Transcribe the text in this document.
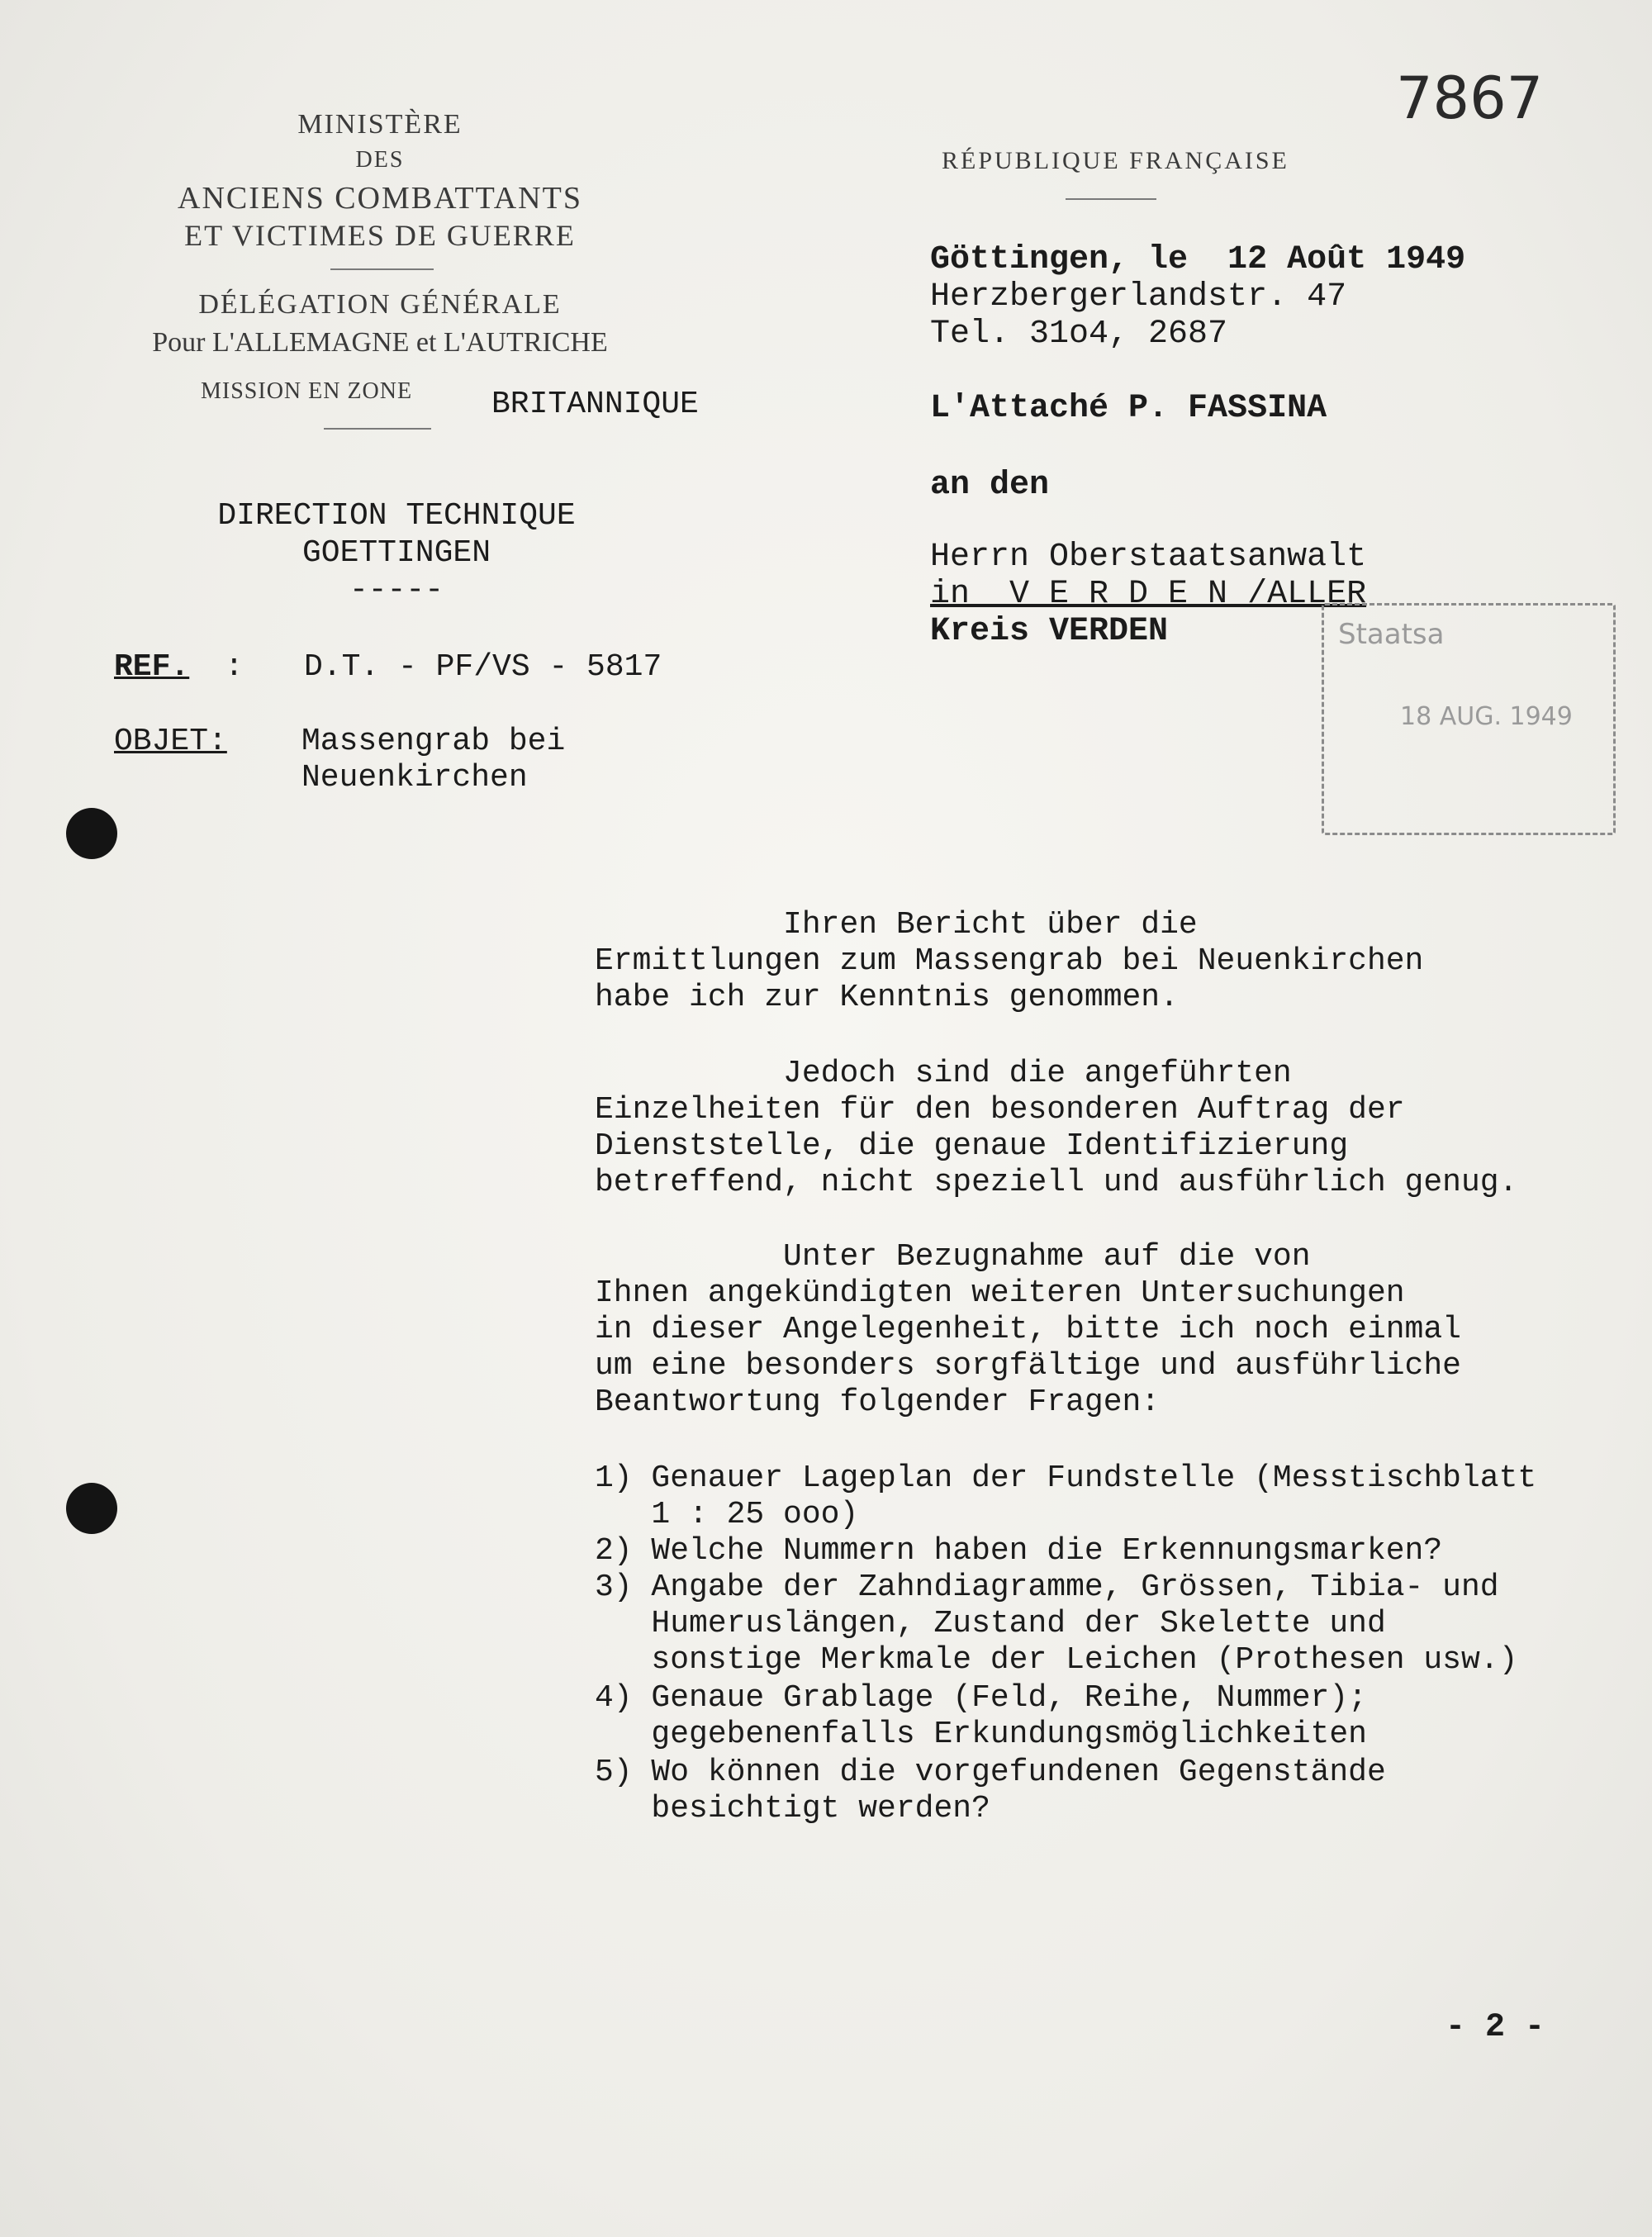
7867
MINISTÈRE
DES
ANCIENS COMBATTANTS
ET VICTIMES DE GUERRE
DÉLÉGATION GÉNÉRALE
Pour L'ALLEMAGNE et L'AUTRICHE
MISSION EN ZONE	BRITANNIQUE
DIRECTION TECHNIQUE
GOETTINGEN
-----
REF. : D.T. - PF/VS - 5817
OBJET: Massengrab bei
Neuenkirchen
RÉPUBLIQUE FRANÇAISE
Göttingen, le  12 Août 1949
Herzbergerlandstr. 47
Tel. 31o4, 2687
L'Attaché P. FASSINA
an den
Herrn Oberstaatsanwalt
in  V E R D E N /ALLER
Kreis VERDEN	Staatsa
18 AUG. 1949
Ihren Bericht über die
Ermittlungen zum Massengrab bei Neuenkirchen
habe ich zur Kenntnis genommen.
Jedoch sind die angeführten
Einzelheiten für den besonderen Auftrag der
Dienststelle, die genaue Identifizierung
betreffend, nicht speziell und ausführlich genug.
Unter Bezugnahme auf die von
Ihnen angekündigten weiteren Untersuchungen
in dieser Angelegenheit, bitte ich noch einmal
um eine besonders sorgfältige und ausführliche
Beantwortung folgender Fragen:
1) Genauer Lageplan der Fundstelle (Messtischblatt
1 : 25 ooo)
2) Welche Nummern haben die Erkennungsmarken?
3) Angabe der Zahndiagramme, Grössen, Tibia- und
Humeruslängen, Zustand der Skelette und
sonstige Merkmale der Leichen (Prothesen usw.)
4) Genaue Grablage (Feld, Reihe, Nummer);
gegebenenfalls Erkundungsmöglichkeiten
5) Wo können die vorgefundenen Gegenstände
besichtigt werden?
- 2 -
